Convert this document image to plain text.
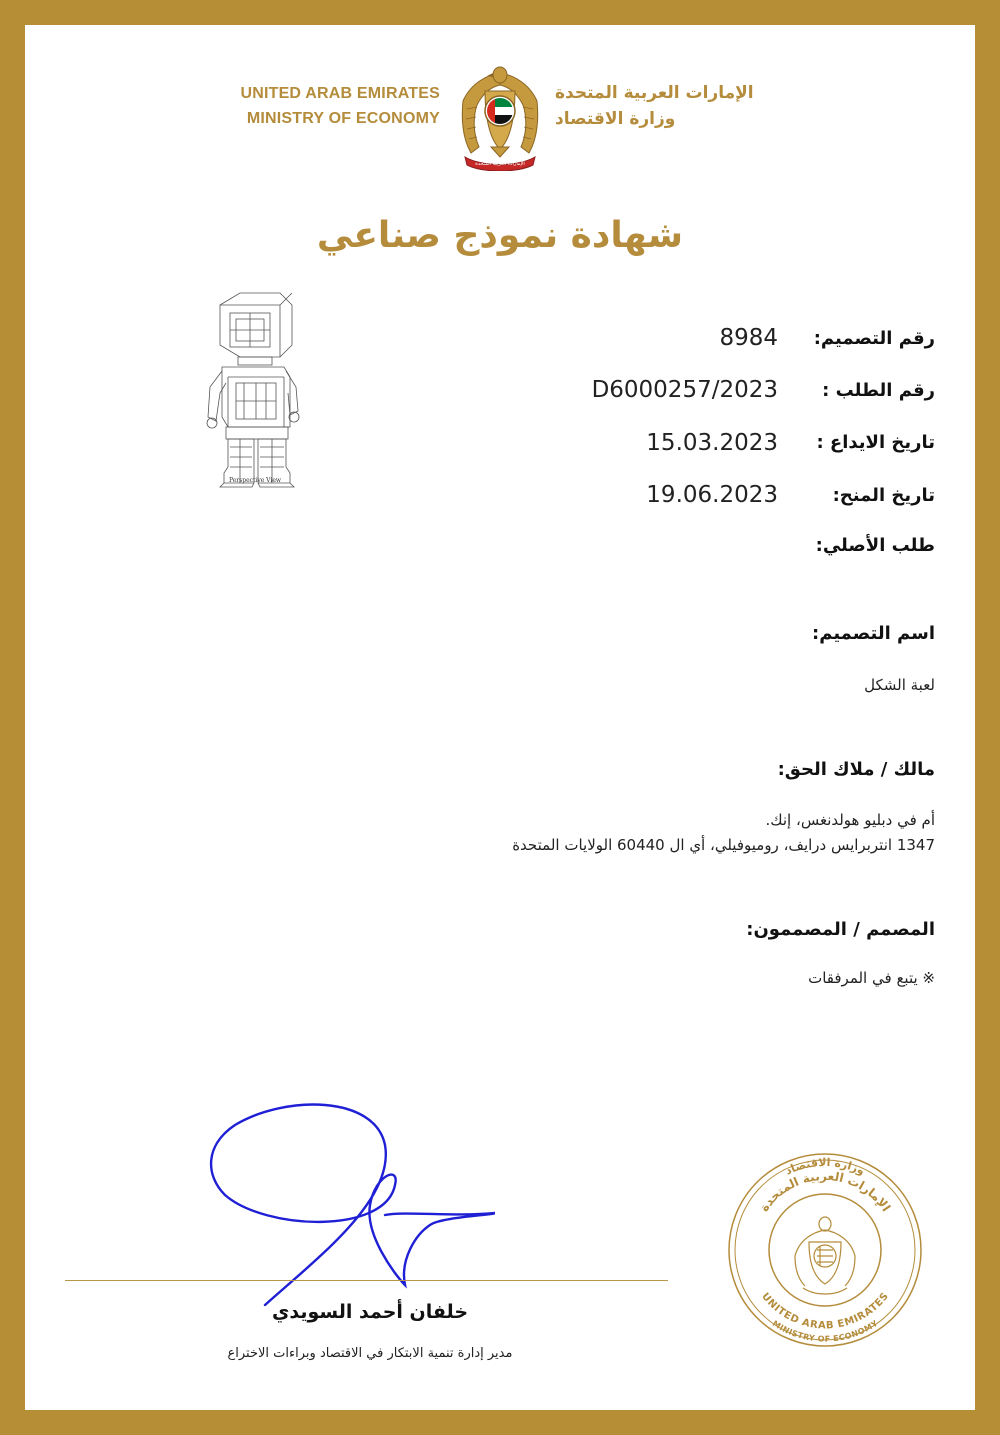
UNITED ARAB EMIRATES
MINISTRY OF ECONOMY
الإمارات العربية المتحدة
الإمارات العربية المتحدة
وزارة الاقتصاد
شهادة نموذج صناعي
Perspective View
رقم التصميم:
8984
رقم الطلب :
D6000257/2023
تاريخ الايداع :
15.03.2023
تاريخ المنح:
19.06.2023
طلب الأصلي:
اسم التصميم:
لعبة الشكل
مالك / ملاك الحق:
أم في دبليو هولدنغس، إنك.
1347 انتربرايس درايف، روميوفيلي، أي ال 60440 الولايات المتحدة
المصمم / المصممون:
※ يتبع في المرفقات
خلفان أحمد السويدي
مدير إدارة تنمية الابتكار في الاقتصاد وبراءات الاختراع
وزارة الاقتصاد
الإمارات العربية المتحدة
UNITED ARAB EMIRATES
MINISTRY OF ECONOMY
